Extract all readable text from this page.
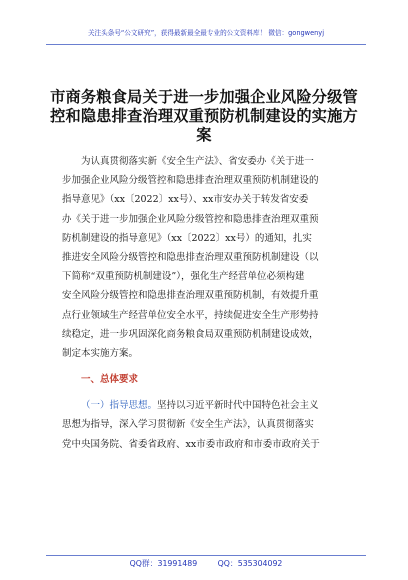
关注头条号“公文研究”，获得最新最全最专业的公文资料库！ 微信：gongwenyj
市商务粮食局关于进一步加强企业风险分级管
控和隐患排查治理双重预防机制建设的实施方
案
为认真贯彻落实新《安全生产法》、省安委办《关于进一
步加强企业风险分级管控和隐患排查治理双重预防机制建设的
指导意见》（xx〔2022〕xx号）、xx市安办关于转发省安委
办《关于进一步加强企业风险分级管控和隐患排查治理双重预
防机制建设的指导意见》（xx〔2022〕xx号）的通知，扎实
推进安全风险分级管控和隐患排查治理双重预防机制建设（以
下简称“双重预防机制建设”），强化生产经营单位必须构建
安全风险分级管控和隐患排查治理双重预防机制，有效提升重
点行业领域生产经营单位安全水平，持续促进安全生产形势持
续稳定，进一步巩固深化商务粮食局双重预防机制建设成效，
制定本实施方案。
一、总体要求
（一）指导思想。坚持以习近平新时代中国特色社会主义
思想为指导，深入学习贯彻新《安全生产法》，认真贯彻落实
党中央国务院、省委省政府、xx市委市政府和市委市政府关于
QQ群：31991489	QQ：535304092
